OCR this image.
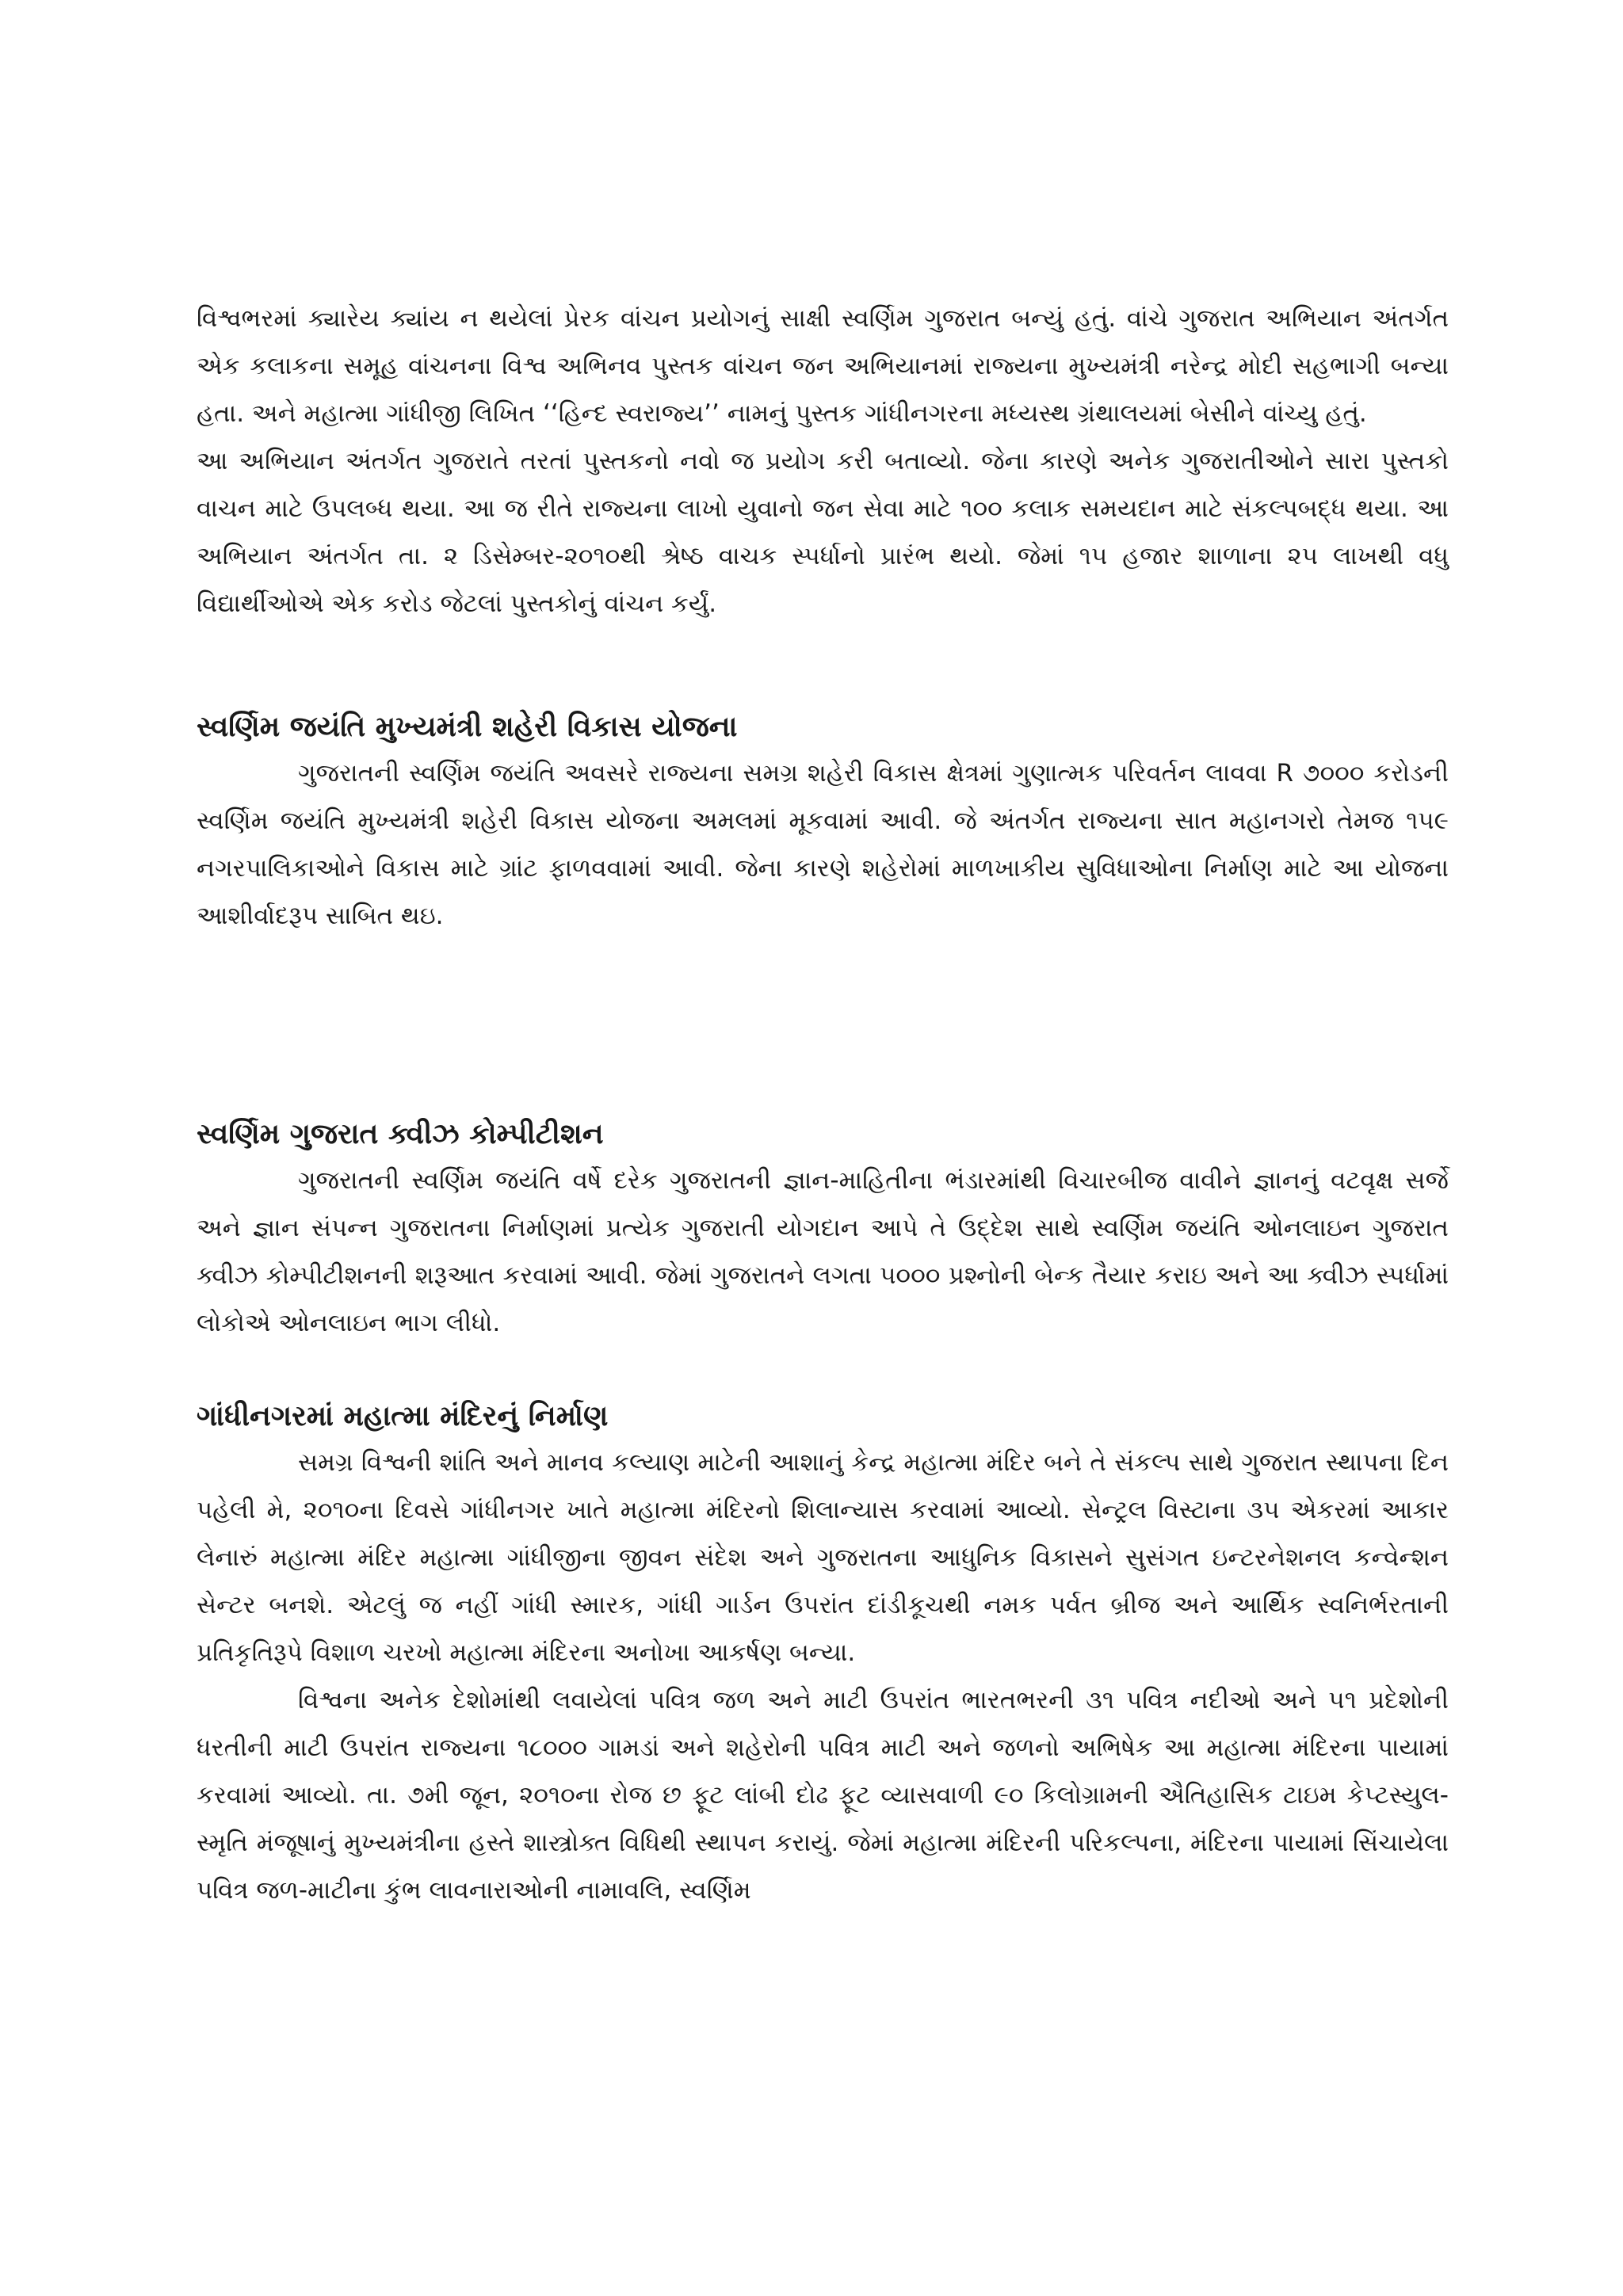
વિશ્વભરમાં ક્યારેય ક્યાંય ન થયેલાં પ્રેરક વાંચન પ્રયોગનું સાક્ષી સ્વર્ણિમ ગુજરાત બન્યું હતું. વાંચે ગુજરાત અભિયાન અંતર્ગત એક કલાકના સમૂહ વાંચનના વિશ્વ અભિનવ પુસ્તક વાંચન જન અભિયાનમાં રાજ્યના મુખ્યમંત્રી નરેન્દ્ર મોદી સહભાગી બન્યા હતા. અને મહાત્મા ગાંધીજી લિખિત ‘‘હિન્દ સ્વરાજ્ય’’ નામનું પુસ્તક ગાંધીનગરના મધ્યસ્થ ગ્રંથાલયમાં બેસીને વાંચ્યુ હતું.

આ અભિયાન અંતર્ગત ગુજરાતે તરતાં પુસ્તકનો નવો જ પ્રયોગ કરી બતાવ્યો. જેના કારણે અનેક ગુજરાતીઓને સારા પુસ્તકો વાચન માટે ઉપલબ્ધ થયા. આ જ રીતે રાજ્યના લાખો યુવાનો જન સેવા માટે ૧૦૦ કલાક સમયદાન માટે સંકલ્પબદ્ધ થયા. આ અભિયાન અંતર્ગત તા. ૨ ડિસેમ્બર-૨૦૧૦થી શ્રેષ્ઠ વાચક સ્પર્ધાનો પ્રારંભ થયો. જેમાં ૧૫ હજાર શાળાના ૨૫ લાખથી વધુ વિદ્યાર્થીઓએ એક કરોડ જેટલાં પુસ્તકોનું વાંચન કર્યું.

સ્વર્ણિમ જયંતિ મુખ્યમંત્રી શહેરી વિકાસ યોજના

ગુજરાતની સ્વર્ણિમ જયંતિ અવસરે રાજ્યના સમગ્ર શહેરી વિકાસ ક્ષેત્રમાં ગુણાત્મક પરિવર્તન લાવવા R ૭૦૦૦ કરોડની સ્વર્ણિમ જયંતિ મુખ્યમંત્રી શહેરી વિકાસ યોજના અમલમાં મૂકવામાં આવી. જે અંતર્ગત રાજ્યના સાત મહાનગરો તેમજ ૧૫૯ નગરપાલિકાઓને વિકાસ માટે ગ્રાંટ ફાળવવામાં આવી. જેના કારણે શહેરોમાં માળખાકીય સુવિધાઓના નિર્માણ માટે આ યોજના આશીર્વાદરૂપ સાબિત થઇ.

સ્વર્ણિમ ગુજરાત ક્વીઝ કોમ્પીટીશન

ગુજરાતની સ્વર્ણિમ જયંતિ વર્ષે દરેક ગુજરાતની જ્ઞાન-માહિતીના ભંડારમાંથી વિચારબીજ વાવીને જ્ઞાનનું વટવૃક્ષ સર્જે અને જ્ઞાન સંપન્ન ગુજરાતના નિર્માણમાં પ્રત્યેક ગુજરાતી યોગદાન આપે તે ઉદ્દેશ સાથે સ્વર્ણિમ જયંતિ ઓનલાઇન ગુજરાત ક્વીઝ કોમ્પીટીશનની શરૂઆત કરવામાં આવી. જેમાં ગુજરાતને લગતા ૫૦૦૦ પ્રશ્નોની બેન્ક તૈયાર કરાઇ અને આ ક્વીઝ સ્પર્ધામાં લોકોએ ઓનલાઇન ભાગ લીધો.

ગાંધીનગરમાં મહાત્મા મંદિરનું નિર્માણ

સમગ્ર વિશ્વની શાંતિ અને માનવ કલ્યાણ માટેની આશાનું કેન્દ્ર મહાત્મા મંદિર બને તે સંકલ્પ સાથે ગુજરાત સ્થાપના દિન પહેલી મે, ૨૦૧૦ના દિવસે ગાંધીનગર ખાતે મહાત્મા મંદિરનો શિલાન્યાસ કરવામાં આવ્યો. સેન્ટ્રલ વિસ્ટાના ૩૫ એકરમાં આકાર લેનારું મહાત્મા મંદિર મહાત્મા ગાંધીજીના જીવન સંદેશ અને ગુજરાતના આધુનિક વિકાસને સુસંગત ઇન્ટરનેશનલ કન્વેન્શન સેન્ટર બનશે. એટલું જ નહીં ગાંધી સ્મારક, ગાંધી ગાર્ડન ઉપરાંત દાંડીકૂચથી નમક પર્વત બ્રીજ અને આર્થિક સ્વનિર્ભરતાની પ્રતિકૃતિરૂપે વિશાળ ચરખો મહાત્મા મંદિરના અનોખા આકર્ષણ બન્યા.

વિશ્વના અનેક દેશોમાંથી લવાયેલાં પવિત્ર જળ અને માટી ઉપરાંત ભારતભરની ૩૧ પવિત્ર નદીઓ અને ૫૧ પ્રદેશોની ધરતીની માટી ઉપરાંત રાજ્યના ૧૮૦૦૦ ગામડાં અને શહેરોની પવિત્ર માટી અને જળનો અભિષેક આ મહાત્મા મંદિરના પાયામાં કરવામાં આવ્યો. તા. ૭મી જૂન, ૨૦૧૦ના રોજ છ ફૂટ લાંબી દોઢ ફૂટ વ્યાસવાળી ૯૦ કિલોગ્રામની ઐતિહાસિક ટાઇમ કેપ્ટસ્યુલ-સ્મૃતિ મંજૂષાનું મુખ્યમંત્રીના હસ્તે શાસ્ત્રોક્ત વિધિથી સ્થાપન કરાયું. જેમાં મહાત્મા મંદિરની પરિકલ્પના, મંદિરના પાયામાં સિંચાયેલા પવિત્ર જળ-માટીના કુંભ લાવનારાઓની નામાવલિ, સ્વર્ણિમ
